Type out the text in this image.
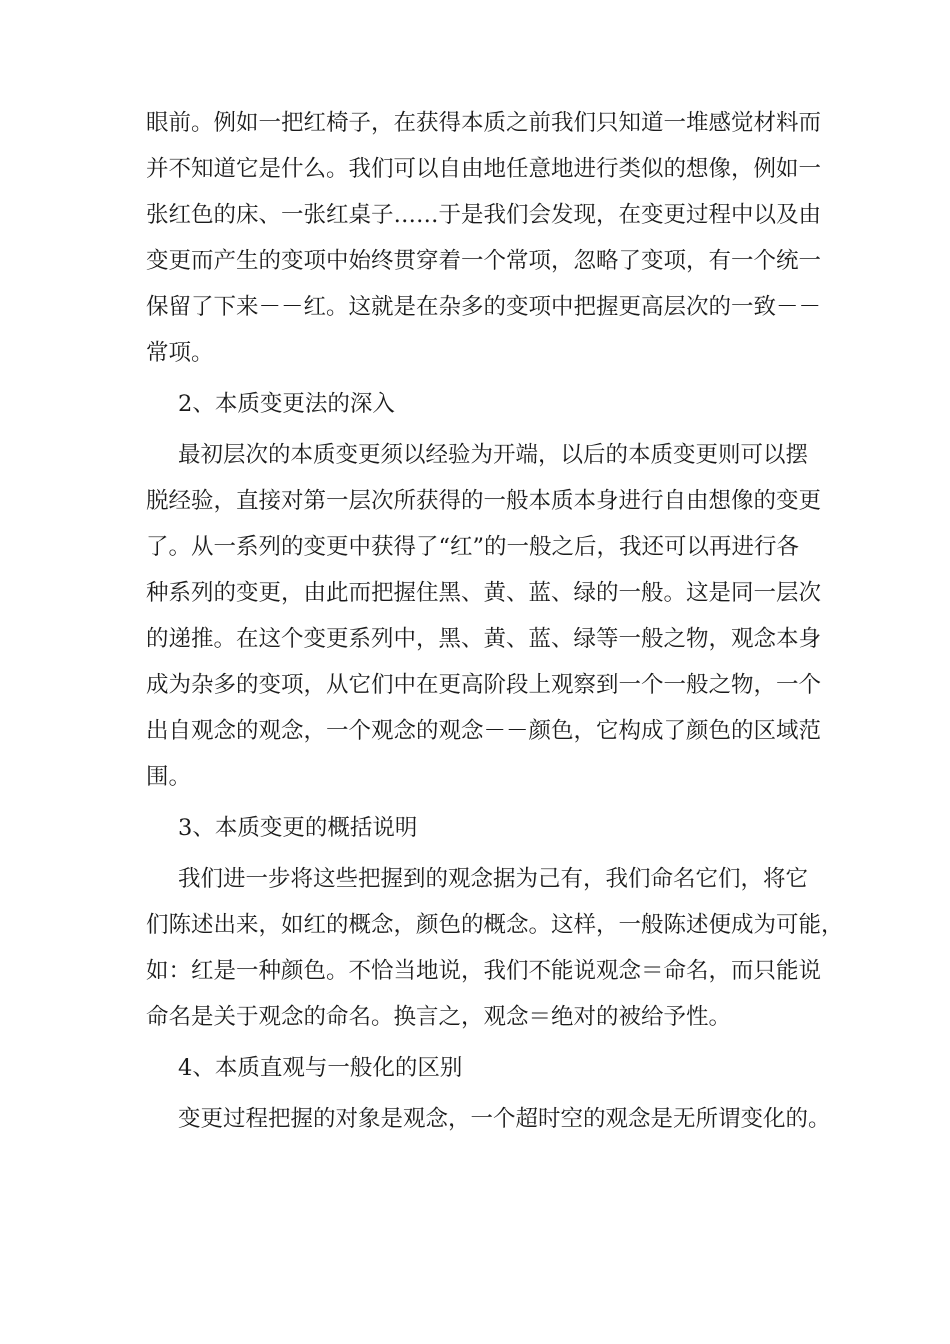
眼前。例如一把红椅子，在获得本质之前我们只知道一堆感觉材料而
并不知道它是什么。我们可以自由地任意地进行类似的想像，例如一
张红色的床、一张红桌子……于是我们会发现，在变更过程中以及由
变更而产生的变项中始终贯穿着一个常项，忽略了变项，有一个统一
保留了下来－－红。这就是在杂多的变项中把握更高层次的一致－－
常项。
2、本质变更法的深入
最初层次的本质变更须以经验为开端，以后的本质变更则可以摆
脱经验，直接对第一层次所获得的一般本质本身进行自由想像的变更
了。从一系列的变更中获得了“红”的一般之后，我还可以再进行各
种系列的变更，由此而把握住黑、黄、蓝、绿的一般。这是同一层次
的递推。在这个变更系列中，黑、黄、蓝、绿等一般之物，观念本身
成为杂多的变项，从它们中在更高阶段上观察到一个一般之物，一个
出自观念的观念，一个观念的观念－－颜色，它构成了颜色的区域范
围。
3、本质变更的概括说明
我们进一步将这些把握到的观念据为己有，我们命名它们，将它
们陈述出来，如红的概念，颜色的概念。这样，一般陈述便成为可能，
如：红是一种颜色。不恰当地说，我们不能说观念＝命名，而只能说
命名是关于观念的命名。换言之，观念＝绝对的被给予性。
4、本质直观与一般化的区别
变更过程把握的对象是观念，一个超时空的观念是无所谓变化的。
